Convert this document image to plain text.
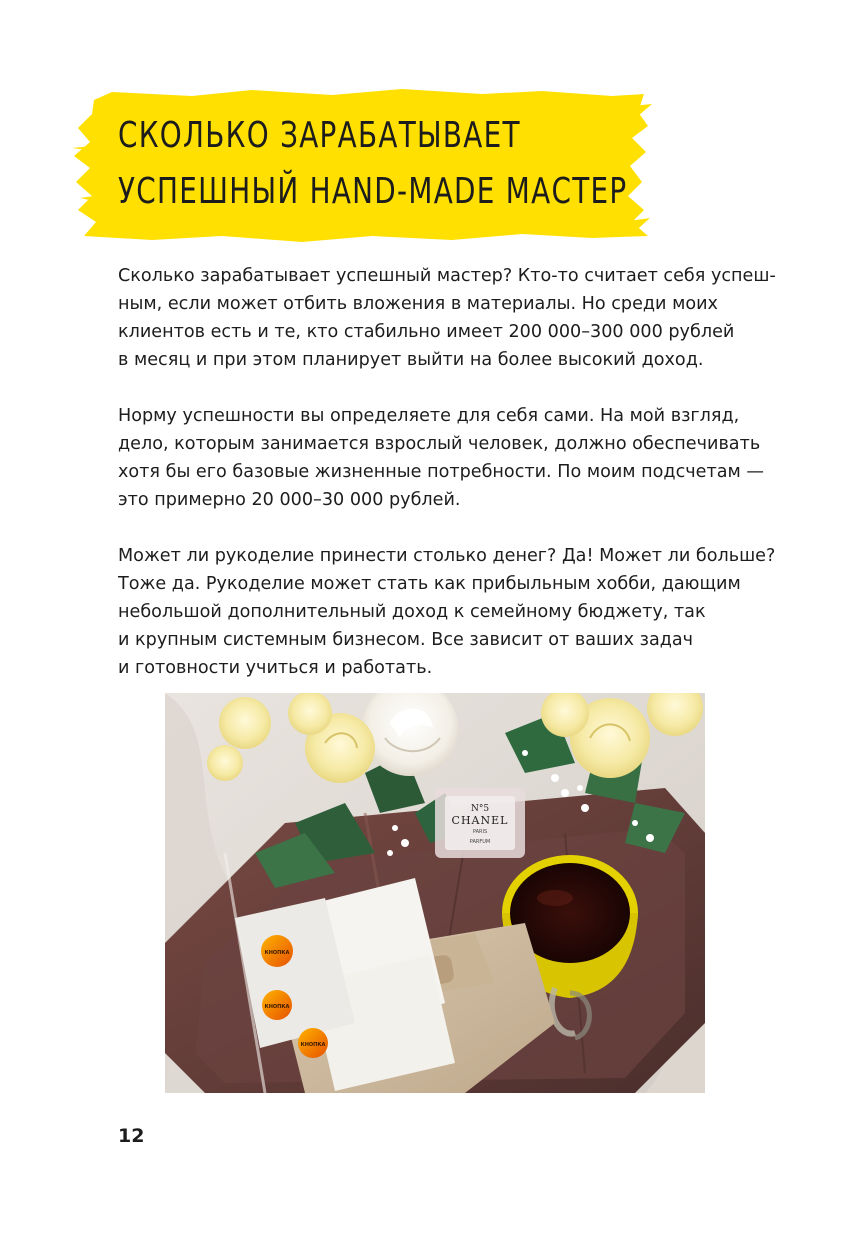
СКОЛЬКО ЗАРАБАТЫВАЕТ
УСПЕШНЫЙ HAND-MADE МАСТЕР

Сколько зарабатывает успешный мастер? Кто-то считает себя успеш-
ным, если может отбить вложения в материалы. Но среди моих
клиентов есть и те, кто стабильно имеет 200 000–300 000 рублей
в месяц и при этом планирует выйти на более высокий доход.

Норму успешности вы определяете для себя сами. На мой взгляд,
дело, которым занимается взрослый человек, должно обеспечивать
хотя бы его базовые жизненные потребности. По моим подсчетам —
это примерно 20 000–30 000 рублей.

Может ли рукоделие принести столько денег? Да! Может ли больше?
Тоже да. Рукоделие может стать как прибыльным хобби, дающим
небольшой дополнительный доход к семейному бюджету, так
и крупным системным бизнесом. Все зависит от ваших задач
и готовности учиться и работать.

N°5
CHANEL
PARIS
PARFUM
КНОПКА
КНОПКА
КНОПКА
12
